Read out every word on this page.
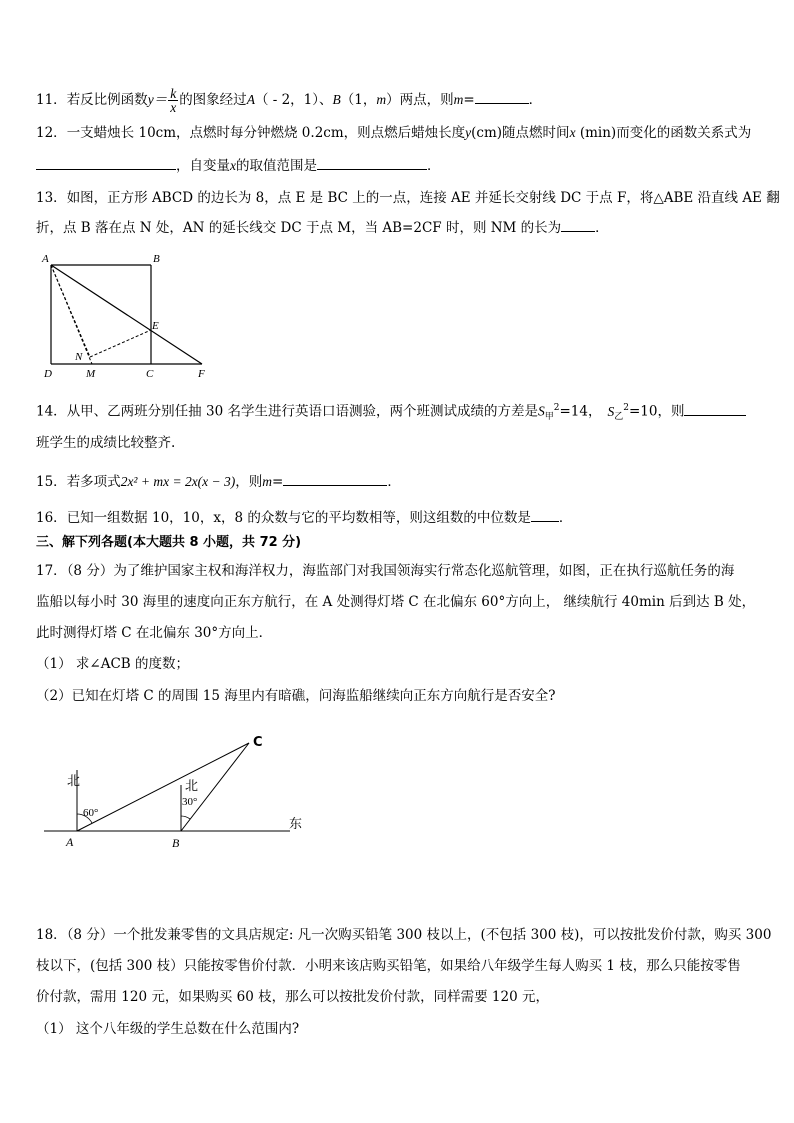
11．若反比例函数$y= \frac{k}{x}$ 的图象经过A（ - 2，1）、B（1，m）两点，则m=	．
12．一支蜡烛长 10cm，点燃时每分钟燃烧 0.2cm，则点燃后蜡烛长度y(cm)随点燃时间x (min)而变化的函数关系式为
，自变量x的取值范围是	．
13．如图，正方形 ABCD 的边长为 8，点 E 是 BC 上的一点，连接 AE 并延长交射线 DC 于点 F，将△ABE 沿直线 AE 翻
折，点 B 落在点 N 处，AN 的延长线交 DC 于点 M，当 AB=2CF 时，则 NM 的长为	．
A	B
C
D
E
F
M
N
14．从甲、乙两班分别任抽 30 名学生进行英语口语测验，两个班测试成绩的方差是$S_甲^2=14$， $S_乙^2=10$，则
班学生的成绩比较整齐.
15．若多项式2x² + mx = 2x(x − 3)，则m=	．
16．已知一组数据 10，10，x，8 的众数与它的平均数相等，则这组数的中位数是 ．
三、解下列各题(本大题共 8 小题，共 72 分)
17．（8 分）为了维护国家主权和海洋权力，海监部门对我国领海实行常态化巡航管理，如图，正在执行巡航任务的海
监船以每小时 30 海里的速度向正东方航行，在 A 处测得灯塔 C 在北偏东 60°方向上， 继续航行 40min 后到达 B 处，
此时测得灯塔 C 在北偏东 30°方向上．
（1） 求∠ACB 的度数；
（2）已知在灯塔 C 的周围 15 海里内有暗礁，问海监船继续向正东方向航行是否安全?
北	北
60°
30°
东
A	B
C
18．（8 分）一个批发兼零售的文具店规定: 凡一次购买铅笔 300 枝以上，(不包括 300 枝)，可以按批发价付款，购买 300
枝以下，(包括 300 枝）只能按零售价付款．小明来该店购买铅笔，如果给八年级学生每人购买 1 枝，那么只能按零售
价付款，需用 120 元，如果购买 60 枝，那么可以按批发价付款，同样需要 120 元，
（1） 这个八年级的学生总数在什么范围内?
